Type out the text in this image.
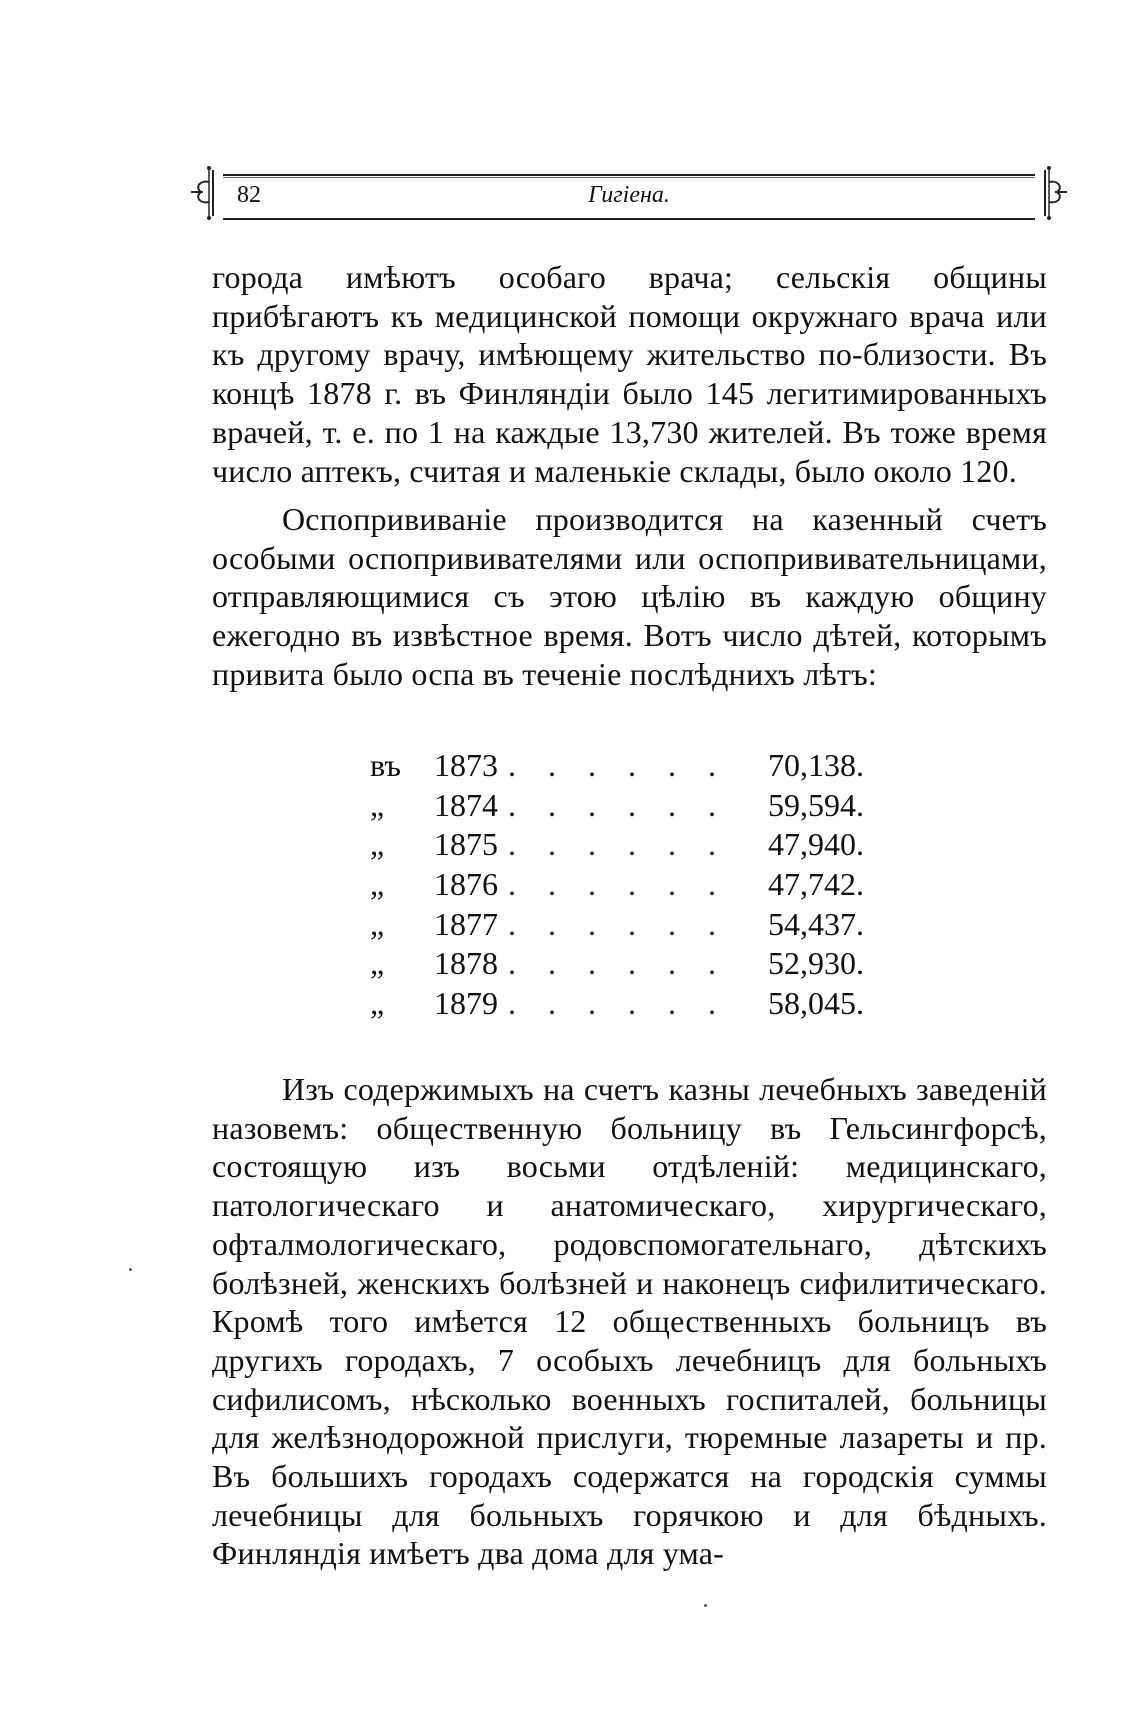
82	Гигіена.

города имѣютъ особаго врача; сельскія общины прибѣгаютъ къ медицинской помощи окружнаго врача или къ другому врачу, имѣющему жительство по-близости. Въ концѣ 1878 г. въ Финляндіи было 145 легитимированныхъ врачей, т. е. по 1 на каждые 13,730 жителей. Въ тоже время число аптекъ, считая и маленькіе склады, было около 120.

Оспопрививаніе производится на казенный счетъ особыми оспопрививателями или оспопрививательницами, отправляющимися съ этою цѣлію въ каждую общину ежегодно въ извѣстное время. Вотъ число дѣтей, которымъ привита было оспа въ теченіе послѣднихъ лѣтъ:

въ	1873 . . . . . . 70,138.
„	1874 . . . . . . 59,594.
„	1875 . . . . . . 47,940.
„	1876 . . . . . . 47,742.
„	1877 . . . . . . 54,437.
„	1878 . . . . . . 52,930.
„	1879 . . . . . . 58,045.

Изъ содержимыхъ на счетъ казны лечебныхъ заведеній назовемъ: общественную больницу въ Гельсингфорсѣ, состоящую изъ восьми отдѣленій: медицинскаго, патологическаго и анатомическаго, хирургическаго, офталмологическаго, родовспомогательнаго, дѣтскихъ болѣзней, женскихъ болѣзней и наконецъ сифилитическаго. Кромѣ того имѣется 12 общественныхъ больницъ въ другихъ городахъ, 7 особыхъ лечебницъ для больныхъ сифилисомъ, нѣсколько военныхъ госпиталей, больницы для желѣзнодорожной прислуги, тюремные лазареты и пр. Въ большихъ городахъ содержатся на городскія суммы лечебницы для больныхъ горячкою и для бѣдныхъ. Финляндія имѣетъ два дома для ума-
